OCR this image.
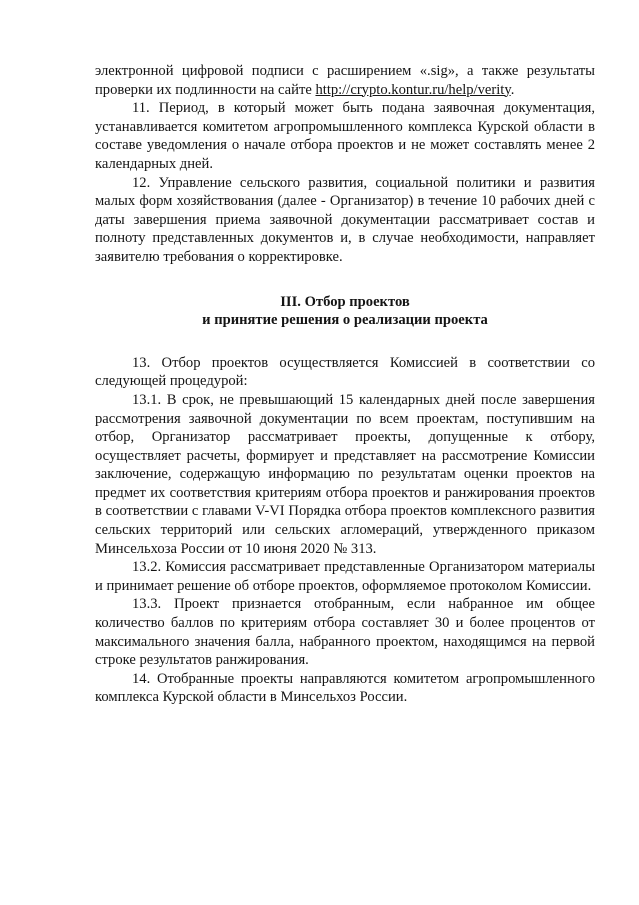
электронной цифровой подписи с расширением «.sig», а также результаты проверки их подлинности на сайте http://crypto.kontur.ru/help/verity.

11. Период, в который может быть подана заявочная документация, устанавливается комитетом агропромышленного комплекса Курской области в составе уведомления о начале отбора проектов и не может составлять менее 2 календарных дней.

12. Управление сельского развития, социальной политики и развития малых форм хозяйствования (далее - Организатор) в течение 10 рабочих дней с даты завершения приема заявочной документации рассматривает состав и полноту представленных документов и, в случае необходимости, направляет заявителю требования о корректировке.

III. Отбор проектов

и принятие решения о реализации проекта

13. Отбор проектов осуществляется Комиссией в соответствии со следующей процедурой:

13.1. В срок, не превышающий 15 календарных дней после завершения рассмотрения заявочной документации по всем проектам, поступившим на отбор, Организатор рассматривает проекты, допущенные к отбору, осуществляет расчеты, формирует и представляет на рассмотрение Комиссии заключение, содержащую информацию по результатам оценки проектов на предмет их соответствия критериям отбора проектов и ранжирования проектов в соответствии с главами V-VI Порядка отбора проектов комплексного развития сельских территорий или сельских агломераций, утвержденного приказом Минсельхоза России от 10 июня 2020 № 313.

13.2. Комиссия рассматривает представленные Организатором материалы и принимает решение об отборе проектов, оформляемое протоколом Комиссии.

13.3. Проект признается отобранным, если набранное им общее количество баллов по критериям отбора составляет 30 и более процентов от максимального значения балла, набранного проектом, находящимся на первой строке результатов ранжирования.

14. Отобранные проекты направляются комитетом агропромышленного комплекса Курской области в Минсельхоз России.
